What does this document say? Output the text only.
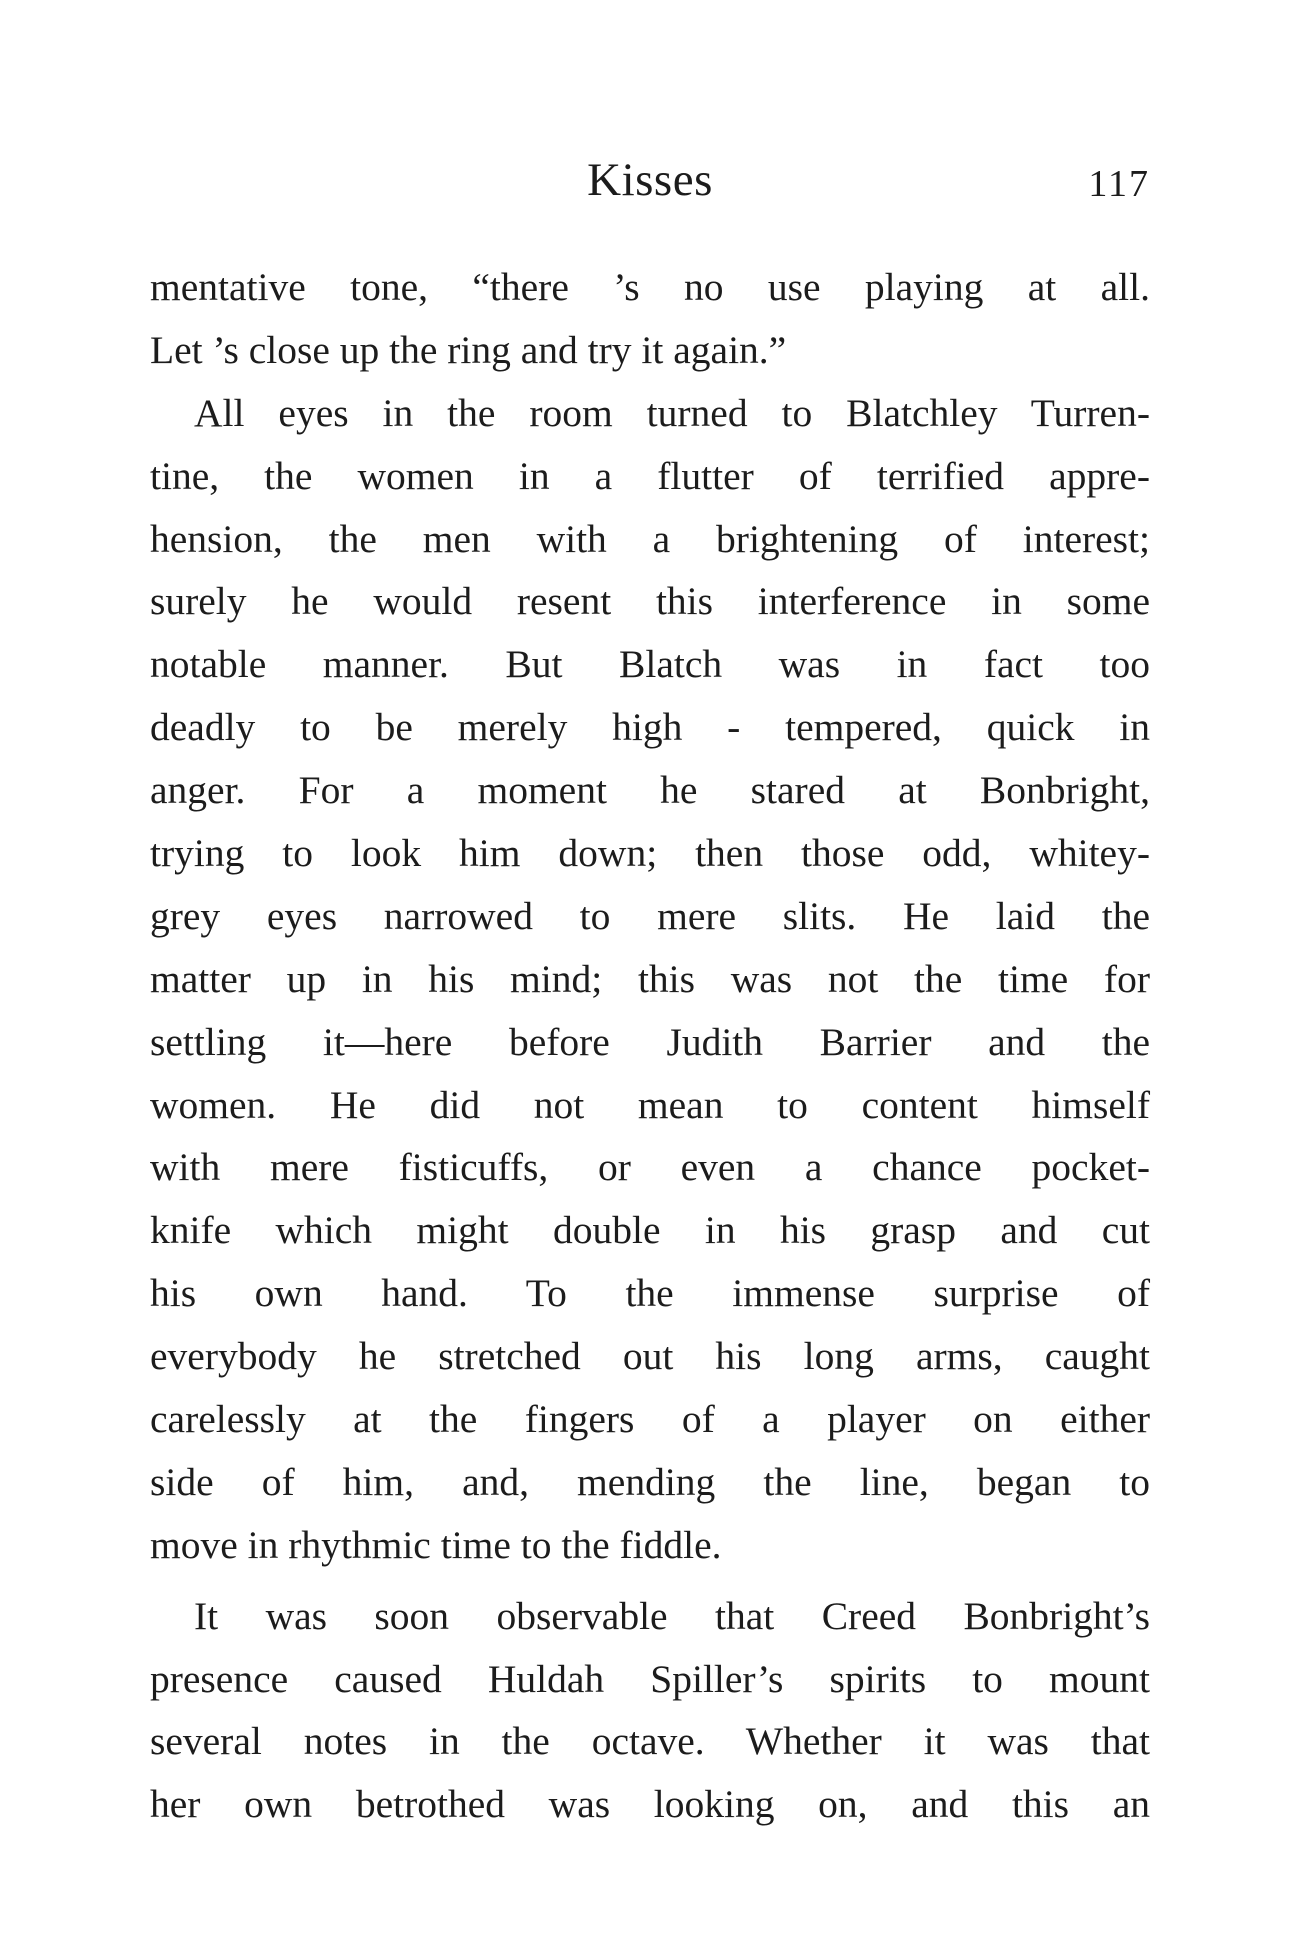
Kisses	117
mentative tone, “there ’s no use playing at all.
Let ’s close up the ring and try it again.”
All eyes in the room turned to Blatchley Turren-
tine, the women in a flutter of terrified appre-
hension, the men with a brightening of interest;
surely he would resent this interference in some
notable manner. But Blatch was in fact too
deadly to be merely high - tempered, quick in
anger. For a moment he stared at Bonbright,
trying to look him down; then those odd, whitey-
grey eyes narrowed to mere slits. He laid the
matter up in his mind; this was not the time for
settling it—here before Judith Barrier and the
women. He did not mean to content himself
with mere fisticuffs, or even a chance pocket-
knife which might double in his grasp and cut
his own hand. To the immense surprise of
everybody he stretched out his long arms, caught
carelessly at the fingers of a player on either
side of him, and, mending the line, began to
move in rhythmic time to the fiddle.
It was soon observable that Creed Bonbright’s
presence caused Huldah Spiller’s spirits to mount
several notes in the octave. Whether it was that
her own betrothed was looking on, and this an
